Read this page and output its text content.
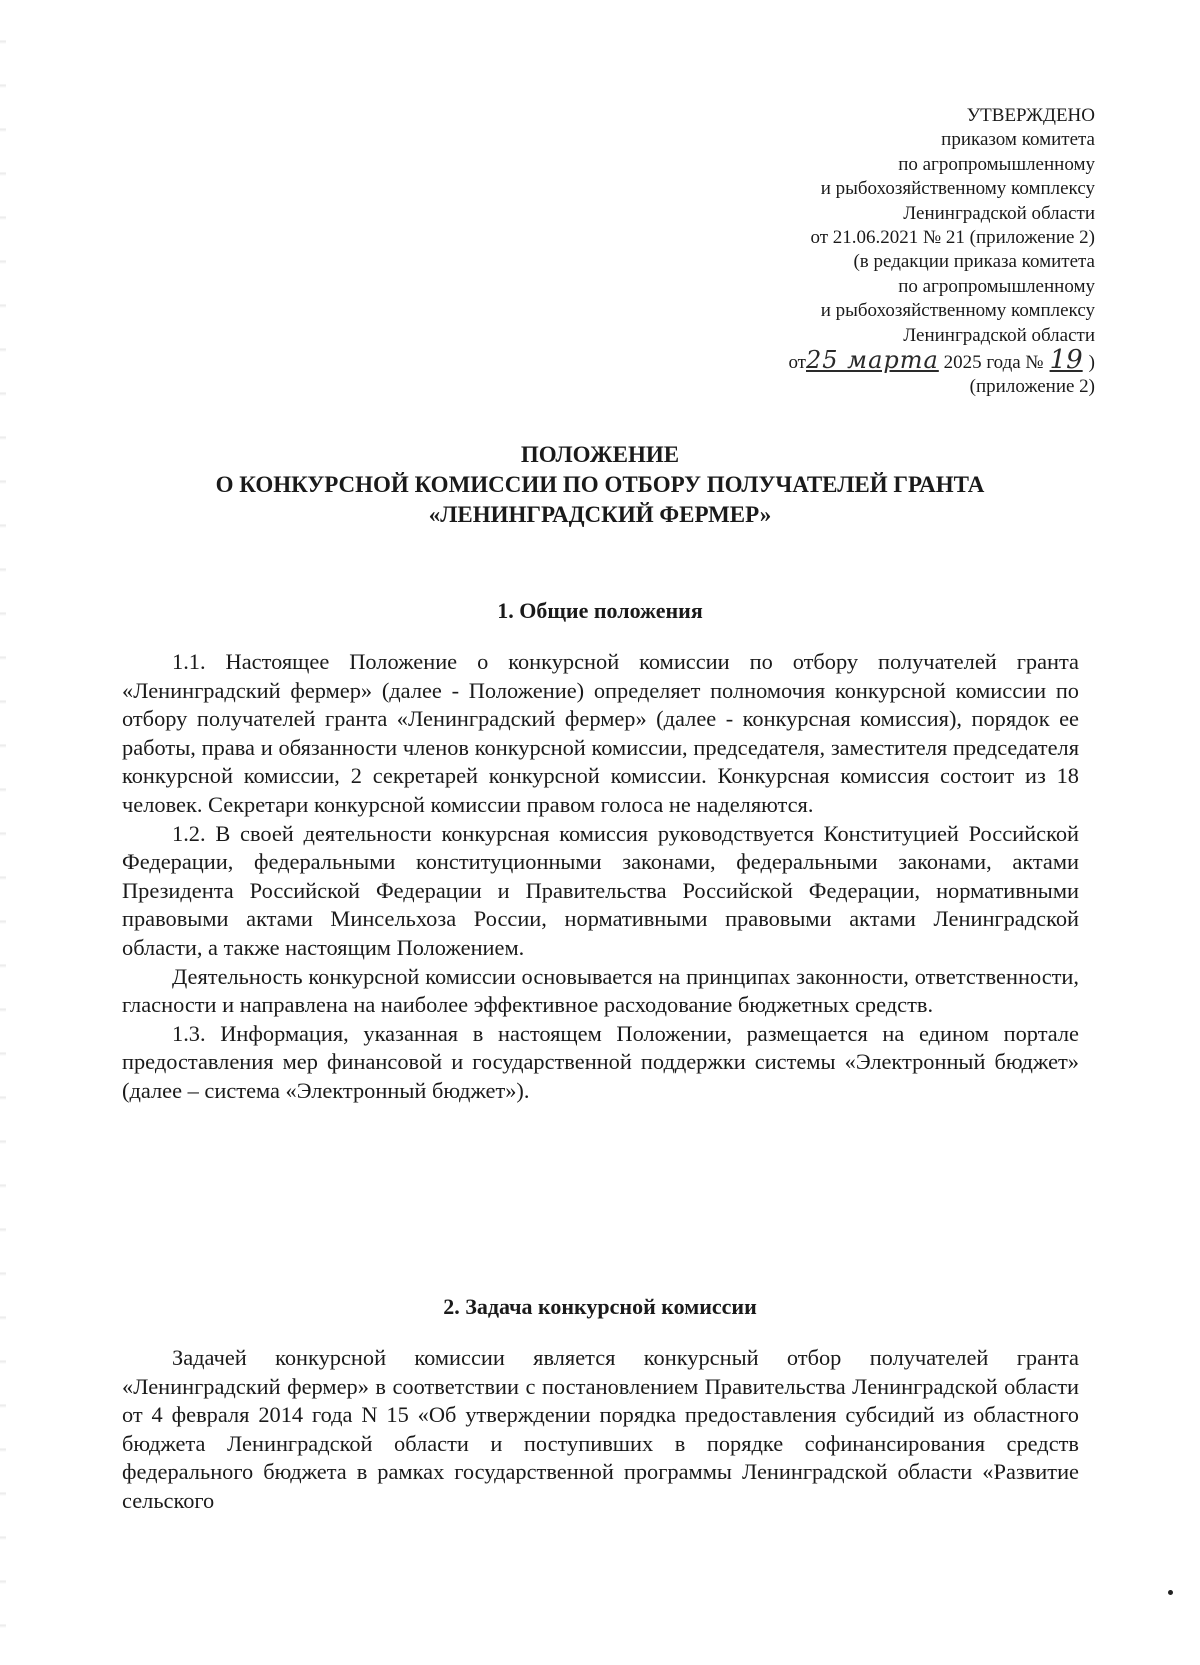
УТВЕРЖДЕНО
приказом комитета
по агропромышленному
и рыбохозяйственному комплексу
Ленинградской области
от 21.06.2021 № 21 (приложение 2)
(в редакции приказа комитета
по агропромышленному
и рыбохозяйственному комплексу
Ленинградской области
от25 марта 2025 года № 19 )
(приложение 2)
ПОЛОЖЕНИЕ
О КОНКУРСНОЙ КОМИССИИ ПО ОТБОРУ ПОЛУЧАТЕЛЕЙ ГРАНТА
«ЛЕНИНГРАДСКИЙ ФЕРМЕР»
1. Общие положения

1.1. Настоящее Положение о конкурсной комиссии по отбору получателей гранта «Ленинградский фермер» (далее - Положение) определяет полномочия конкурсной комиссии по отбору получателей гранта «Ленинградский фермер» (далее - конкурсная комиссия), порядок ее работы, права и обязанности членов конкурсной комиссии, председателя, заместителя председателя конкурсной комиссии, 2 секретарей конкурсной комиссии. Конкурсная комиссия состоит из 18 человек. Секретари конкурсной комиссии правом голоса не наделяются.

1.2. В своей деятельности конкурсная комиссия руководствуется Конституцией Российской Федерации, федеральными конституционными законами, федеральными законами, актами Президента Российской Федерации и Правительства Российской Федерации, нормативными правовыми актами Минсельхоза России, нормативными правовыми актами Ленинградской области, а также настоящим Положением.

Деятельность конкурсной комиссии основывается на принципах законности, ответственности, гласности и направлена на наиболее эффективное расходование бюджетных средств.

1.3. Информация, указанная в настоящем Положении, размещается на едином портале предоставления мер финансовой и государственной поддержки системы «Электронный бюджет» (далее – система «Электронный бюджет»).

2. Задача конкурсной комиссии

Задачей конкурсной комиссии является конкурсный отбор получателей гранта «Ленинградский фермер» в соответствии с постановлением Правительства Ленинградской области от 4 февраля 2014 года N 15 «Об утверждении порядка предоставления субсидий из областного бюджета Ленинградской области и поступивших в порядке софинансирования средств федерального бюджета в рамках государственной программы Ленинградской области «Развитие сельского
